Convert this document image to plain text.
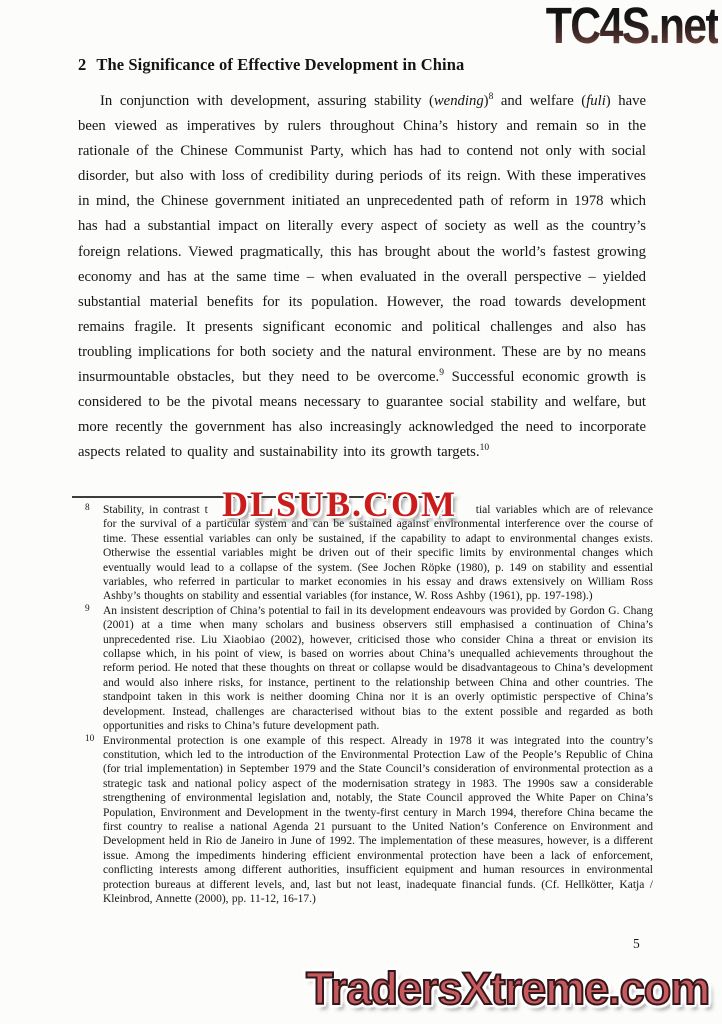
TC4S.net
2 The Significance of Effective Development in China

In conjunction with development, assuring stability (wending)$^8$ and welfare (fuli) have been viewed as imperatives by rulers throughout China’s history and remain so in the rationale of the Chinese Communist Party, which has had to contend not only with social disorder, but also with loss of credibility during periods of its reign. With these imperatives in mind, the Chinese government initiated an unprecedented path of reform in 1978 which has had a substantial impact on literally every aspect of society as well as the country’s foreign relations. Viewed pragmatically, this has brought about the world’s fastest growing economy and has at the same time – when evaluated in the overall perspective – yielded substantial material benefits for its population. However, the road towards development remains fragile. It presents significant economic and political challenges and also has troubling implications for both society and the natural environment. These are by no means insurmountable obstacles, but they need to be overcome.$^9$ Successful economic growth is considered to be the pivotal means necessary to guarantee social stability and welfare, but more recently the government has also increasingly acknowledged the need to incorporate aspects related to quality and sustainability into its growth targets.$^{10}$

8 Stability, in contrast t	tial variables which are of relevance for the survival of a particular system and can be sustained against environmental interference over the course of time. These essential variables can only be sustained, if the capability to adapt to environmental changes exists. Otherwise the essential variables might be driven out of their specific limits by environmental changes which eventually would lead to a collapse of the system. (See Jochen Röpke (1980), p. 149 on stability and essential variables, who referred in particular to market economies in his essay and draws extensively on William Ross Ashby’s thoughts on stability and essential variables (for instance, W. Ross Ashby (1961), pp. 197-198).)
9 An insistent description of China’s potential to fail in its development endeavours was provided by Gordon G. Chang (2001) at a time when many scholars and business observers still emphasised a continuation of China’s unprecedented rise. Liu Xiaobiao (2002), however, criticised those who consider China a threat or envision its collapse which, in his point of view, is based on worries about China’s unequalled achievements throughout the reform period. He noted that these thoughts on threat or collapse would be disadvantageous to China’s development and would also inhere risks, for instance, pertinent to the relationship between China and other countries. The standpoint taken in this work is neither dooming China nor it is an overly optimistic perspective of China’s development. Instead, challenges are characterised without bias to the extent possible and regarded as both opportunities and risks to China’s future development path.
10 Environmental protection is one example of this respect. Already in 1978 it was integrated into the country’s constitution, which led to the introduction of the Environmental Protection Law of the People’s Republic of China (for trial implementation) in September 1979 and the State Council’s consideration of environmental protection as a strategic task and national policy aspect of the modernisation strategy in 1983. The 1990s saw a considerable strengthening of environmental legislation and, notably, the State Council approved the White Paper on China’s Population, Environment and Development in the twenty-first century in March 1994, therefore China became the first country to realise a national Agenda 21 pursuant to the United Nation’s Conference on Environment and Development held in Rio de Janeiro in June of 1992. The implementation of these measures, however, is a different issue. Among the impediments hindering efficient environmental protection have been a lack of enforcement, conflicting interests among different authorities, insufficient equipment and human resources in environmental protection bureaus at different levels, and, last but not least, inadequate financial funds. (Cf. Hellkötter, Katja / Kleinbrod, Annette (2000), pp. 11-12, 16-17.)
DLSUB.COM
5
TradersXtreme.com
